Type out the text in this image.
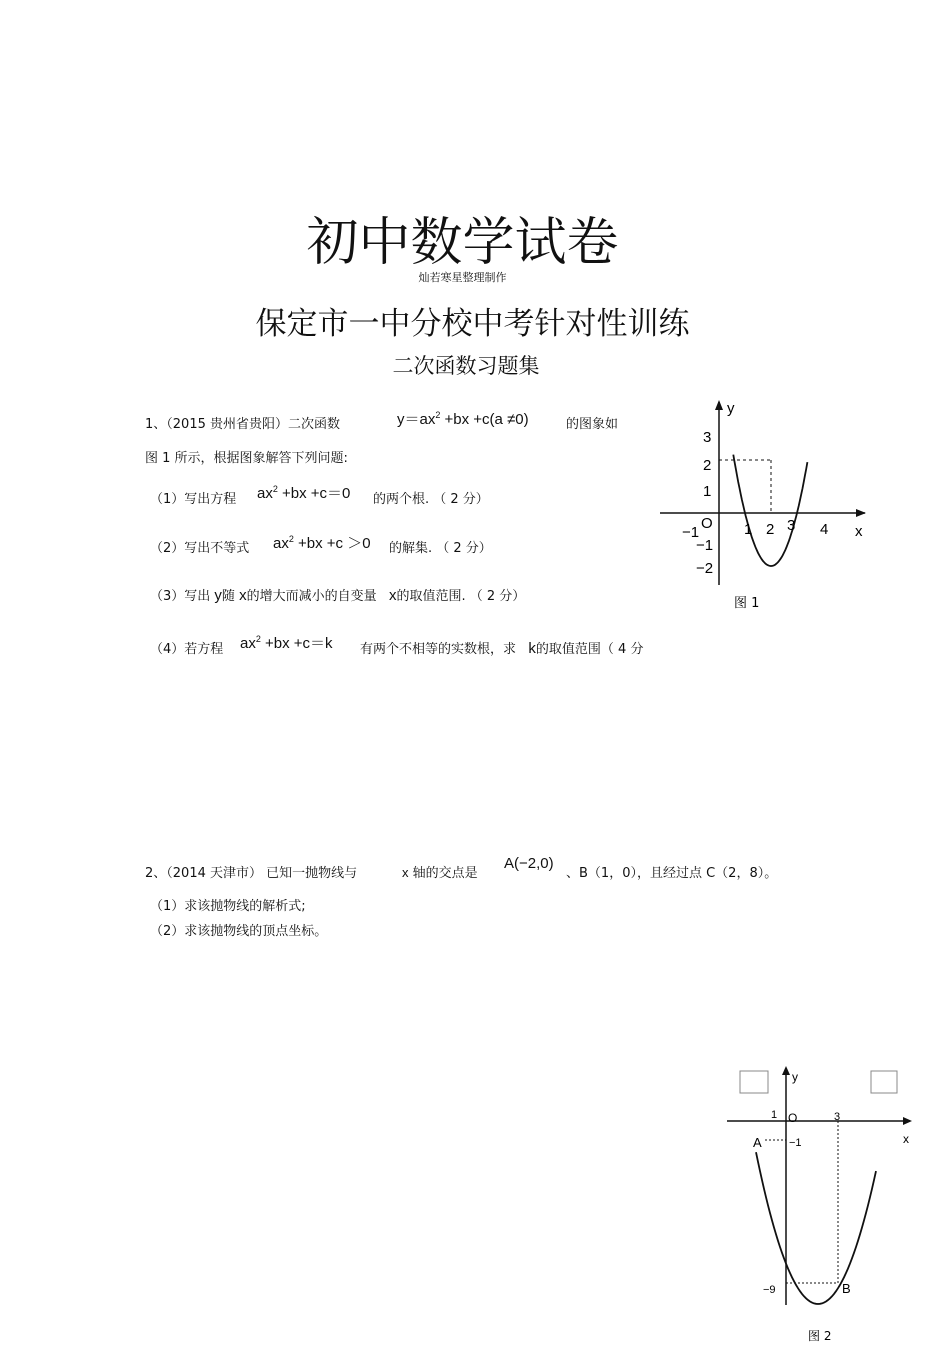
初中数学试卷
灿若寒星整理制作
保定市一中分校中考针对性训练
二次函数习题集
1、（2015 贵州省贵阳）二次函数	$y=ax^2 +bx +c(a \ne 0)$	的图象如
图 1 所示，根据图象解答下列问题:
（1）写出方程 $ax^2 +bx +c=0$ 的两个根. （ 2 分）
（2）写出不等式 $ax^2 +bx +c >0$ 的解集. （ 2 分）
（3）写出 y随 x的增大而减小的自变量 x的取值范围. （ 2 分）
（4）若方程 $ax^2 +bx +c=k$ 有两个不相等的实数根，求 k的取值范围（ 4 分
y
x
O
−1	1 2 3 4
3
2
1
−1
−2
图 1
2、（2014 天津市） 已知一抛物线与	x 轴的交点是
A(−2,0)
、B（1，0），且经过点 C（2，8）。
（1）求该抛物线的解析式;
（2）求该抛物线的顶点坐标。
y
x
O
1	3
−1
−9
A
B
图 2
